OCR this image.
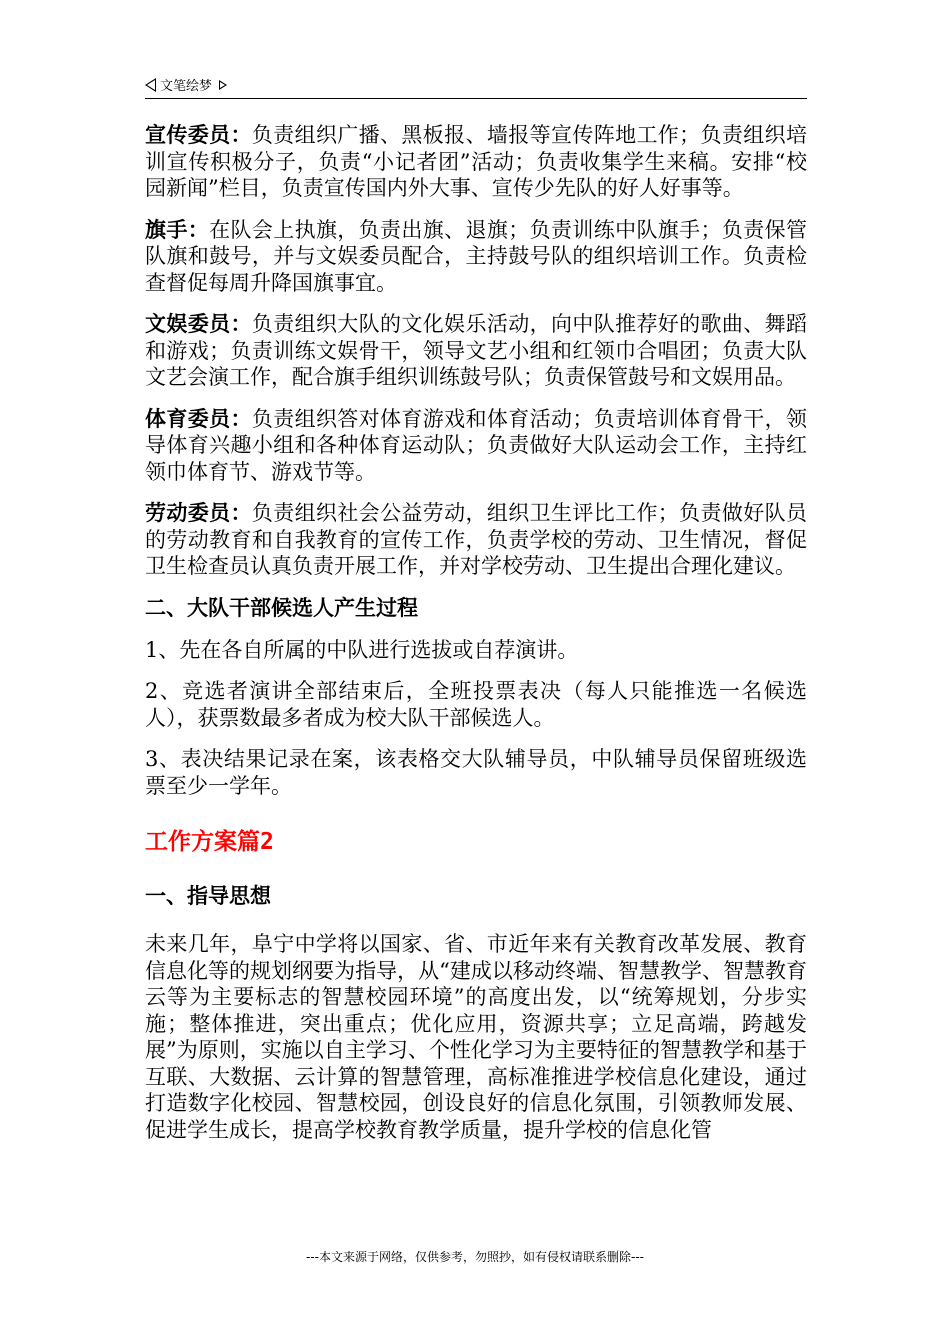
文笔绘梦

宣传委员：负责组织广播、黑板报、墙报等宣传阵地工作；负责组织培训宣传积极分子，负责“小记者团”活动；负责收集学生来稿。安排“校园新闻”栏目，负责宣传国内外大事、宣传少先队的好人好事等。

旗手：在队会上执旗，负责出旗、退旗；负责训练中队旗手；负责保管队旗和鼓号，并与文娱委员配合，主持鼓号队的组织培训工作。负责检查督促每周升降国旗事宜。

文娱委员：负责组织大队的文化娱乐活动，向中队推荐好的歌曲、舞蹈和游戏；负责训练文娱骨干，领导文艺小组和红领巾合唱团；负责大队文艺会演工作，配合旗手组织训练鼓号队；负责保管鼓号和文娱用品。

体育委员：负责组织答对体育游戏和体育活动；负责培训体育骨干，领导体育兴趣小组和各种体育运动队；负责做好大队运动会工作，主持红领巾体育节、游戏节等。

劳动委员：负责组织社会公益劳动，组织卫生评比工作；负责做好队员的劳动教育和自我教育的宣传工作，负责学校的劳动、卫生情况，督促卫生检查员认真负责开展工作，并对学校劳动、卫生提出合理化建议。

二、大队干部候选人产生过程

1、先在各自所属的中队进行选拔或自荐演讲。

2、竞选者演讲全部结束后，全班投票表决（每人只能推选一名候选人），获票数最多者成为校大队干部候选人。

3、表决结果记录在案，该表格交大队辅导员，中队辅导员保留班级选票至少一学年。

工作方案篇2
一、指导思想

未来几年，阜宁中学将以国家、省、市近年来有关教育改革发展、教育信息化等的规划纲要为指导，从“建成以移动终端、智慧教学、智慧教育云等为主要标志的智慧校园环境”的高度出发，以“统筹规划，分步实施；整体推进，突出重点；优化应用，资源共享；立足高端，跨越发展”为原则，实施以自主学习、个性化学习为主要特征的智慧教学和基于互联、大数据、云计算的智慧管理，高标准推进学校信息化建设，通过打造数字化校园、智慧校园，创设良好的信息化氛围，引领教师发展、促进学生成长，提高学校教育教学质量，提升学校的信息化管

---本文来源于网络，仅供参考，勿照抄，如有侵权请联系删除---
